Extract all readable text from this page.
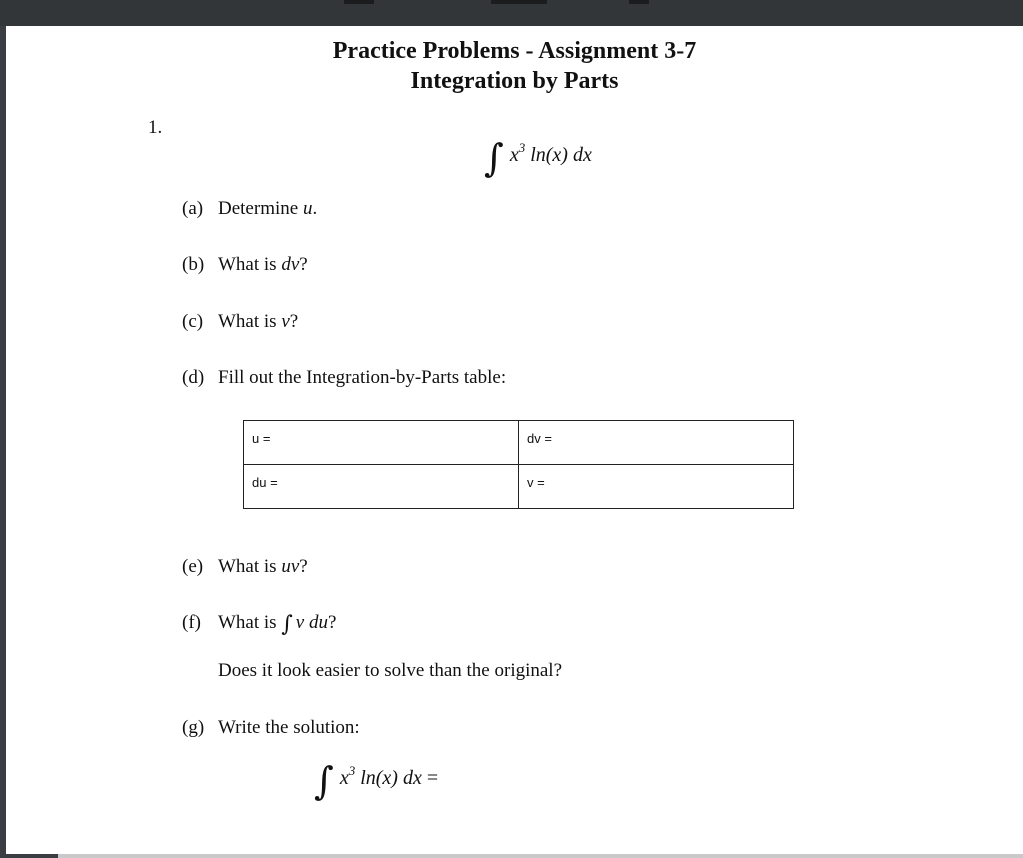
Practice Problems - Assignment 3-7
Integration by Parts
1.
∫ $x^3$ ln(x) dx
(a) Determine u.
(b) What is dv?
(c) What is v?
(d) Fill out the Integration-by-Parts table:
u =	dv =
du =	v =
(e) What is uv?
(f) What is ∫ v du?
Does it look easier to solve than the original?
(g) Write the solution:
∫ $x^3$ ln(x) dx =
